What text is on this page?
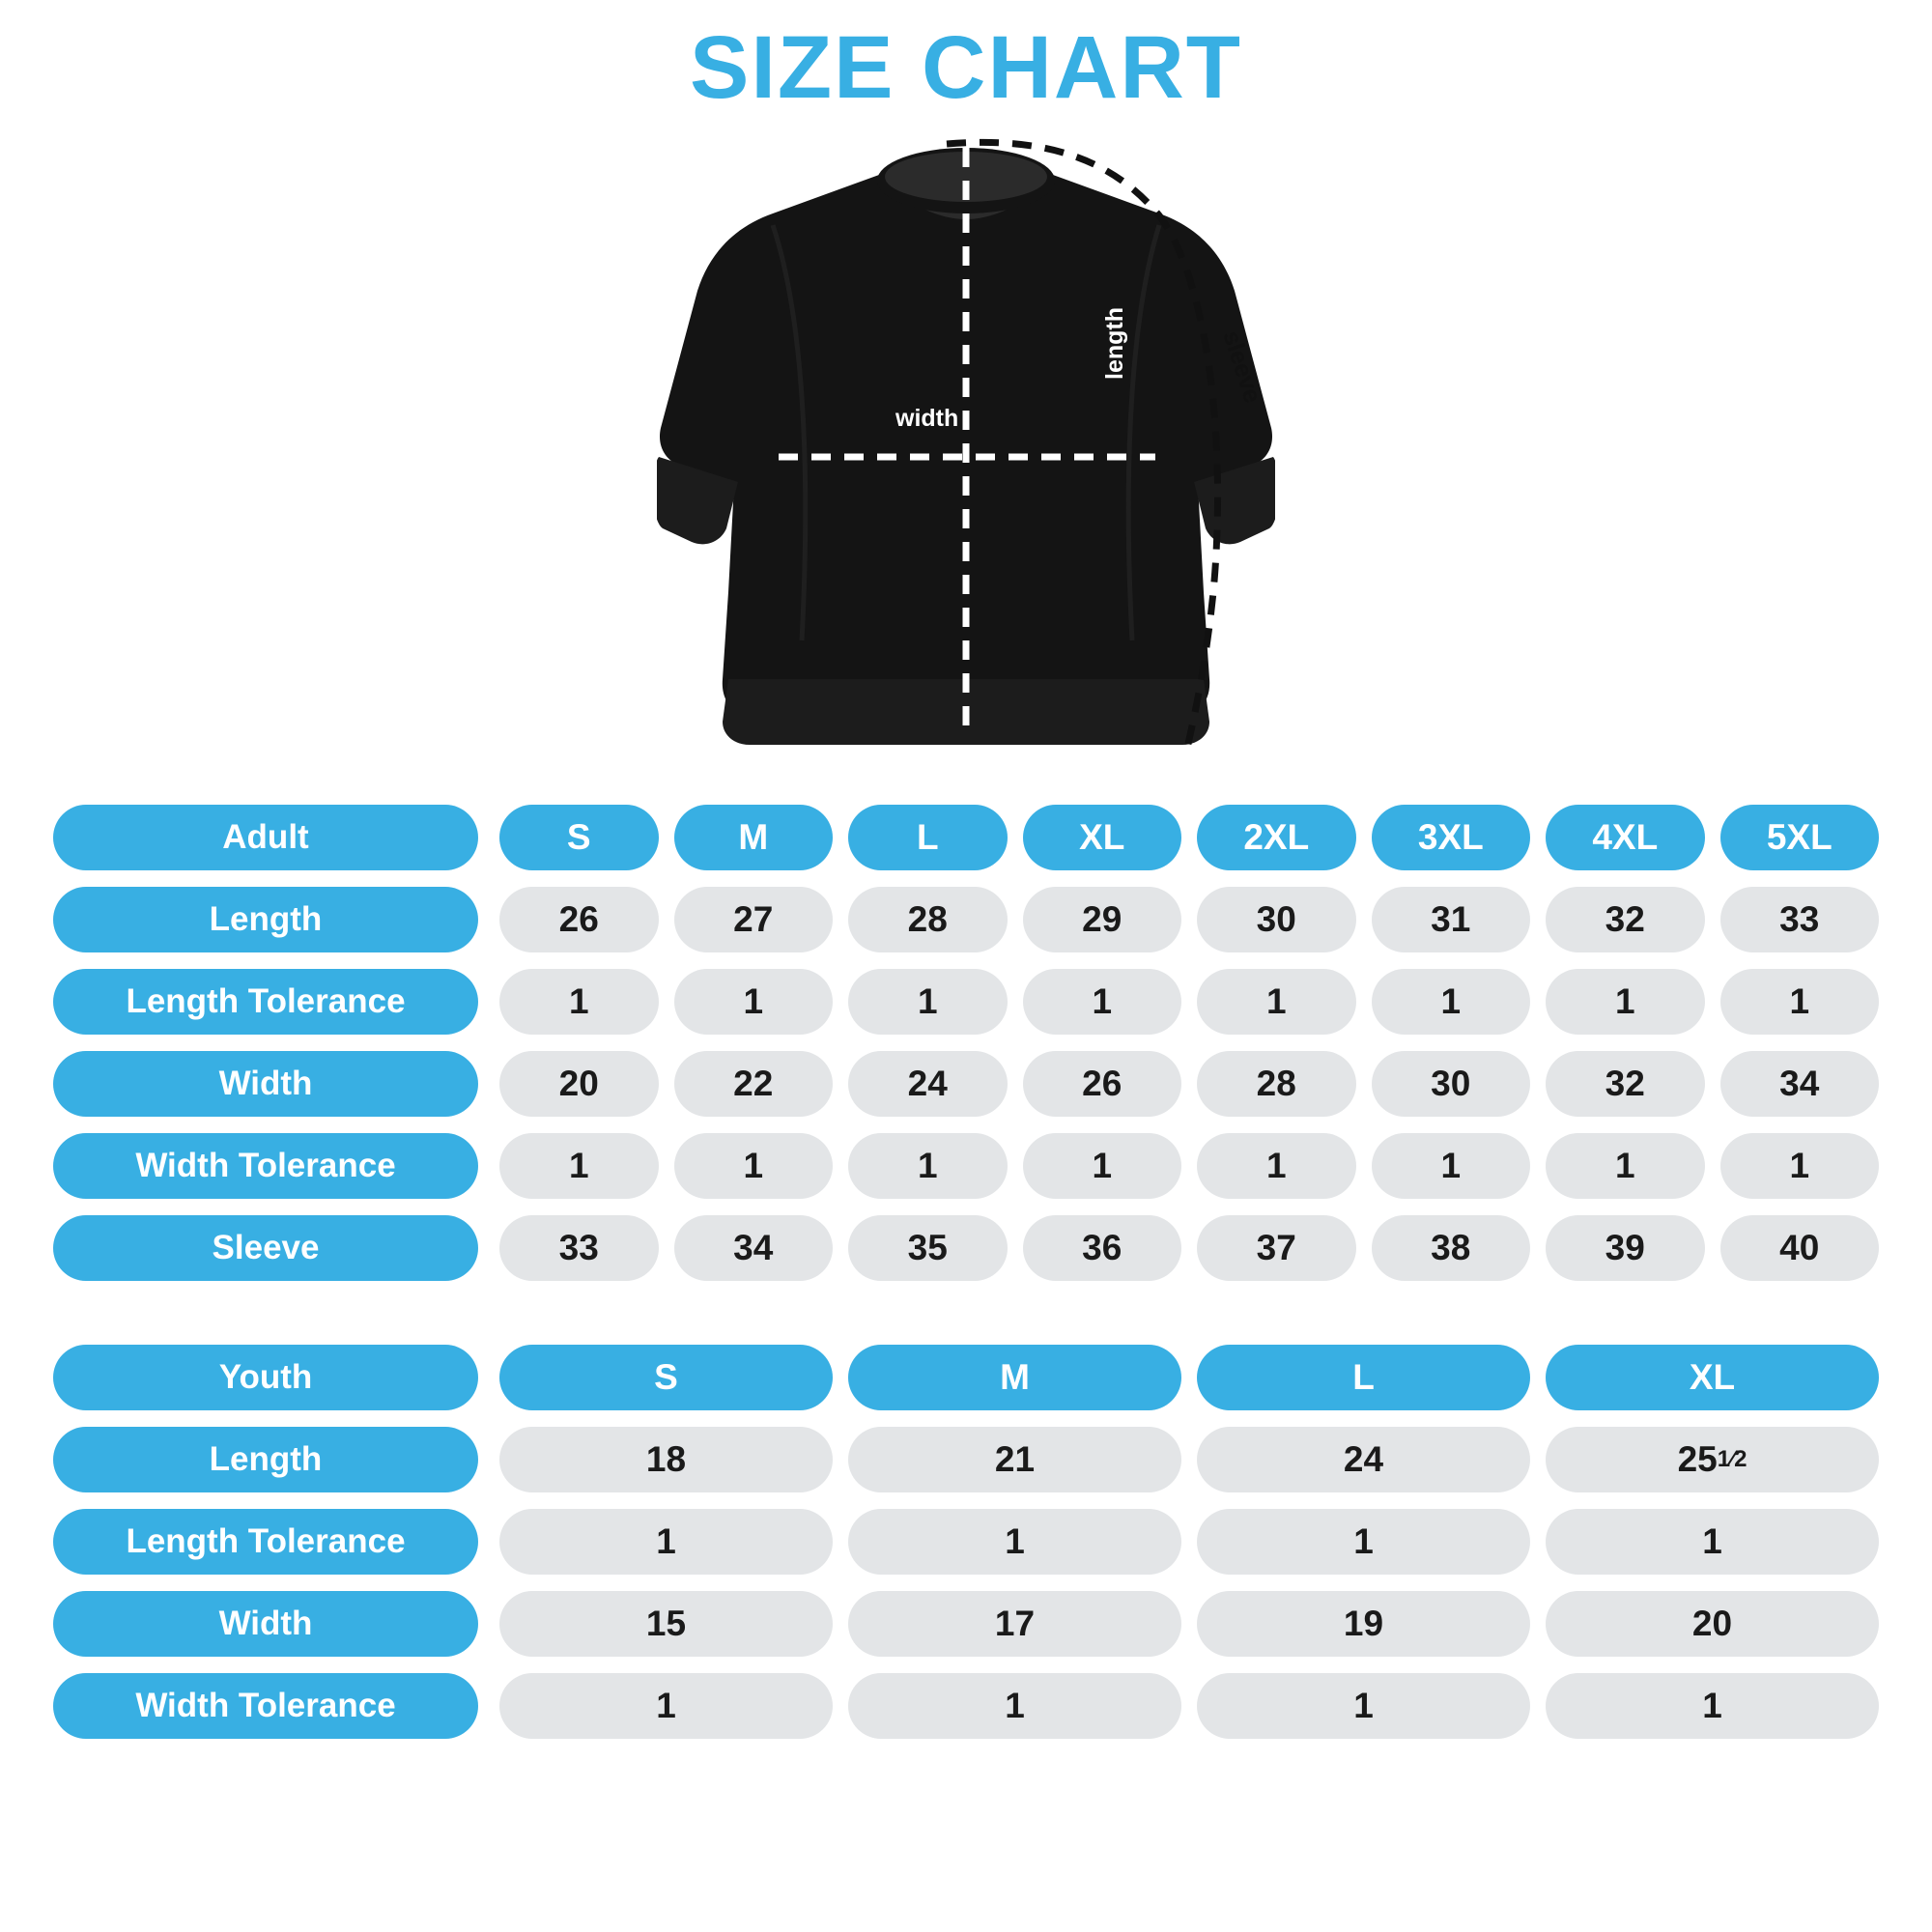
SIZE CHART
width
length	sleeve
Adult	S	M	L	XL	2XL	3XL	4XL	5XL
Length	26	27	28	29	30	31	32	33
Length Tolerance	1	1	1	1	1	1	1	1
Width	20	22	24	26	28	30	32	34
Width Tolerance	1	1	1	1	1	1	1	1
Sleeve	33	34	35	36	37	38	39	40
Youth	S	M	L	XL
Length	18	21	24	25 1⁄2
Length Tolerance	1	1	1	1
Width	15	17	19	20
Width Tolerance	1	1	1	1
